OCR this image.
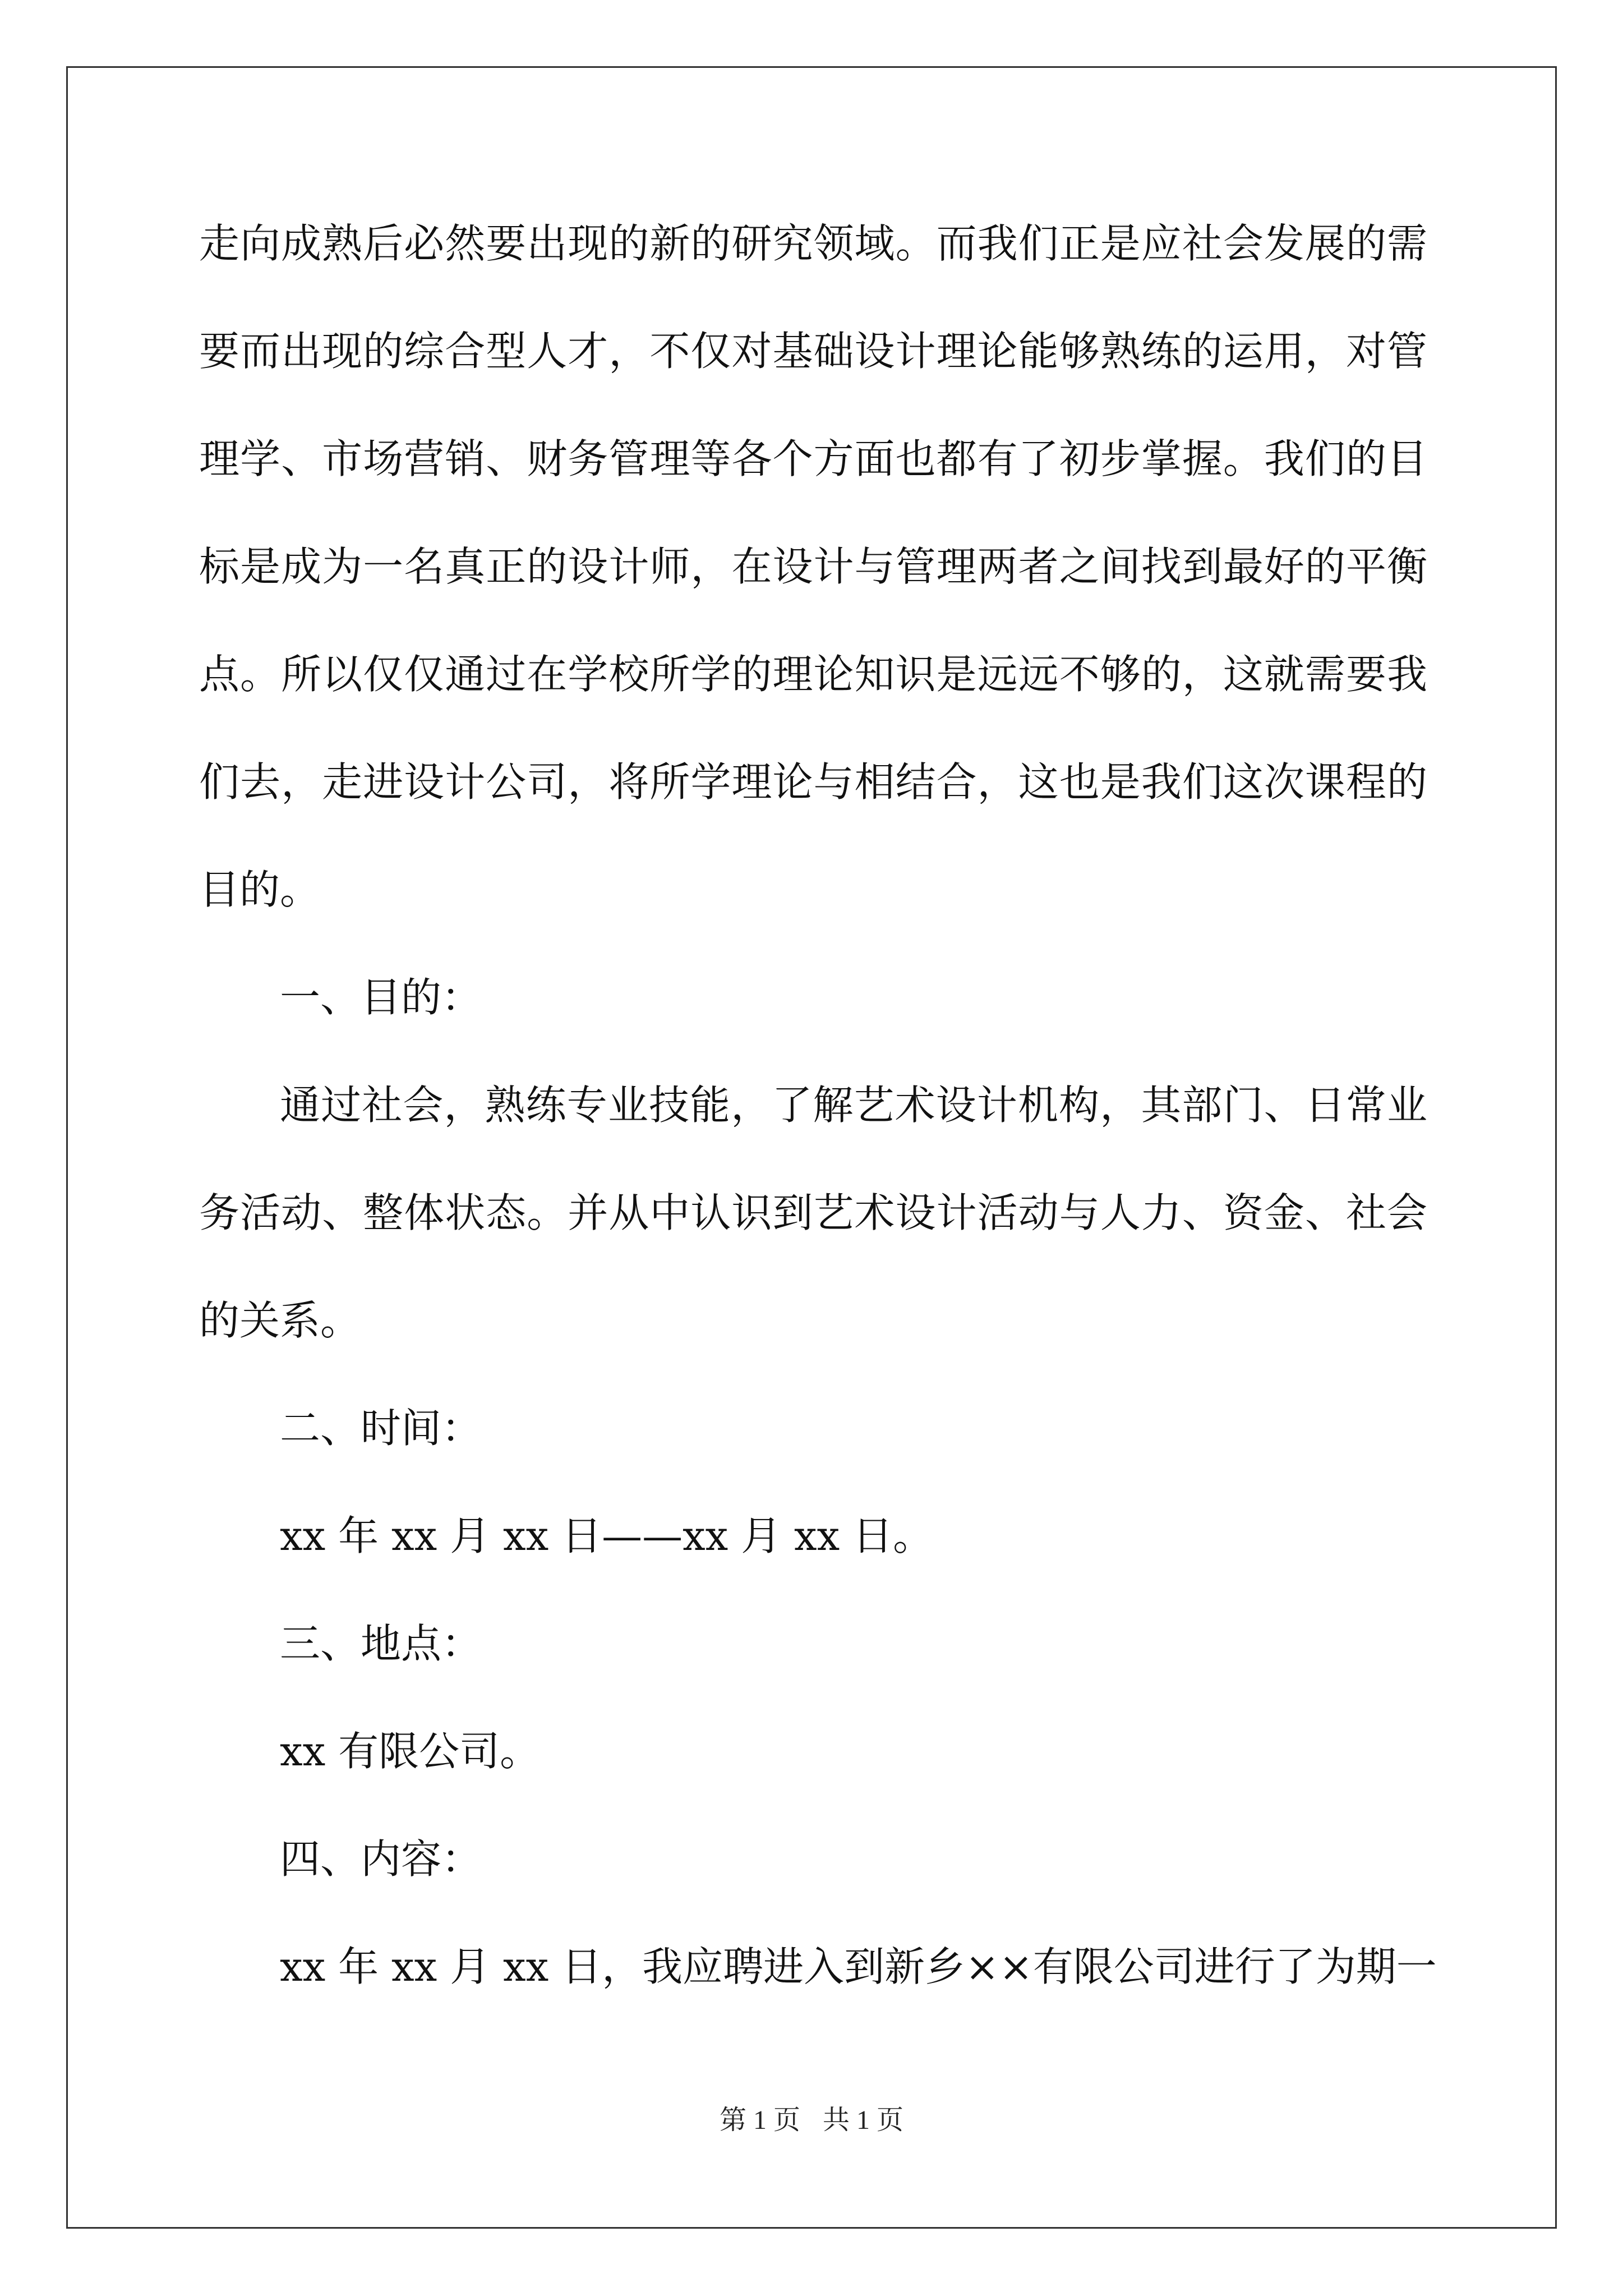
走向成熟后必然要出现的新的研究领域。而我们正是应社会发展的需

要而出现的综合型人才，不仅对基础设计理论能够熟练的运用，对管

理学、市场营销、财务管理等各个方面也都有了初步掌握。我们的目

标是成为一名真正的设计师，在设计与管理两者之间找到最好的平衡

点。所以仅仅通过在学校所学的理论知识是远远不够的，这就需要我

们去，走进设计公司，将所学理论与相结合，这也是我们这次课程的

目的。

一、目的：

通过社会，熟练专业技能，了解艺术设计机构，其部门、日常业

务活动、整体状态。并从中认识到艺术设计活动与人力、资金、社会

的关系。

二、时间：

xx 年 xx 月 xx 日——xx 月 xx 日。

三、地点：

xx 有限公司。

四、内容：

xx 年 xx 月 xx 日，我应聘进入到新乡××有限公司进行了为期一

第 1 页 共 1 页
